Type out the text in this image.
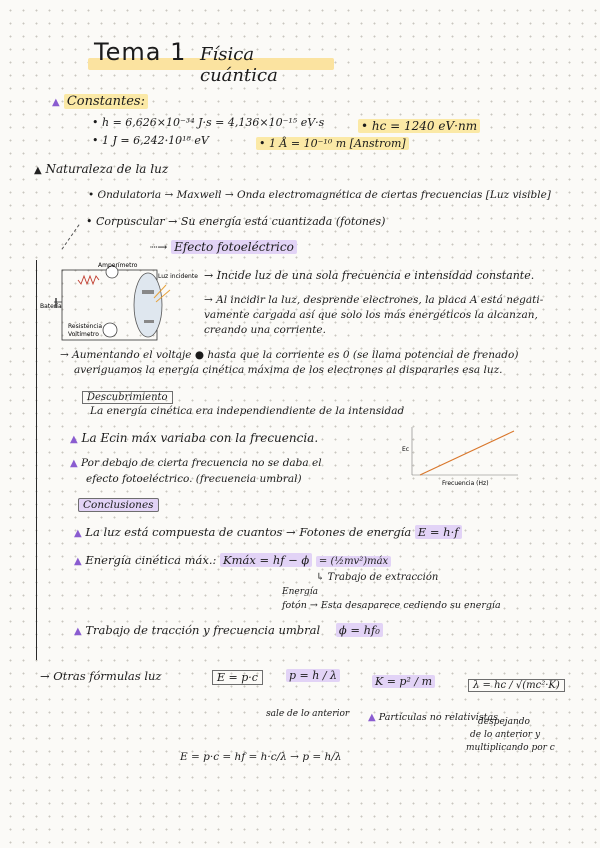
Tema 1 Física cuántica
▲ Constantes:
• h = 6,626×10⁻³⁴ J·s = 4,136×10⁻¹⁵ eV·s	• hc = 1240 eV·nm
• 1 J = 6,242·10¹⁸ eV	• 1 Å = 10⁻¹⁰ m [Anstrom]
▲ Naturaleza de la luz
• Ondulatoria → Maxwell → Onda electromagnética de ciertas frecuencias [Luz visible]
• Corpuscular → Su energía está cuantizada (fotones)
┈→ Efecto fotoeléctrico
Amperímetro
Luz incidente
Batería
Resistencia
Voltímetro
→ Incide luz de una sola frecuencia e intensidad constante.
→ Al incidir la luz, desprende electrones, la placa A está negati-
vamente cargada así que solo los más energéticos la alcanzan,
creando una corriente.
→ Aumentando el voltaje ● hasta que la corriente es 0 (se llama potencial de frenado)
averiguamos la energía cinética máxima de los electrones al dispararles esa luz.
Descubrimiento
La energía cinética era independiendiente de la intensidad
▲ La Ecin máx variaba con la frecuencia.
▲ Por debajo de cierta frecuencia no se daba el
efecto fotoeléctrico. (frecuencia umbral)
Ec
Frecuencia (Hz)
Conclusiones
▲ La luz está compuesta de cuantos → Fotones de energía E = h·f
▲ Energía cinética máx.: Kmáx = hf − ϕ = (½mv²)máx
↳ Trabajo de extracción
Energía
fotón → Esta desaparece cediendo su energía
▲ Trabajo de tracción y frecuencia umbral ϕ = hf₀
→ Otras fórmulas luz	E = p·c	p = h / λ	K = p² / m	λ = hc / √(mc²·K)
sale de lo anterior
E = p·c = hf = h·c/λ → p = h/λ
▲ Partículas no relativistas
despejando
de lo anterior y
multiplicando por c
